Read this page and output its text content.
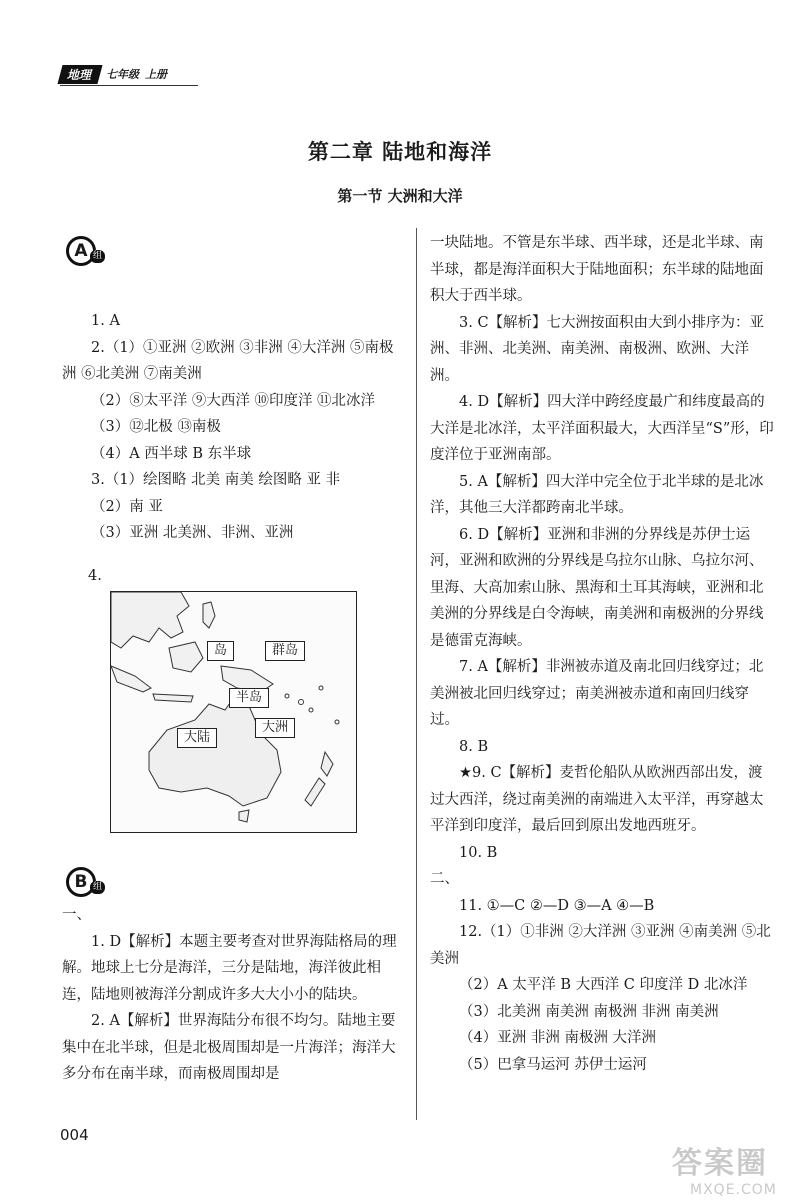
地理	七年级 上册
第二章 陆地和海洋
第一节 大洲和大洋
A 组

1. A

2.（1）①亚洲 ②欧洲 ③非洲 ④大洋洲 ⑤南极洲 ⑥北美洲 ⑦南美洲

（2）⑧太平洋 ⑨大西洋 ⑩印度洋 ⑪北冰洋

（3）⑫北极 ⑬南极

（4）A 西半球 B 东半球

3.（1）绘图略 北美 南美 绘图略 亚 非

（2）南 亚

（3）亚洲 北美洲、非洲、亚洲

4.
岛	群岛
半岛
大陆
大洲
B 组

一、

1. D【解析】本题主要考查对世界海陆格局的理解。地球上七分是海洋，三分是陆地，海洋彼此相连，陆地则被海洋分割成许多大大小小的陆块。

2. A【解析】世界海陆分布很不均匀。陆地主要集中在北半球，但是北极周围却是一片海洋；海洋大多分布在南半球，而南极周围却是

一块陆地。不管是东半球、西半球，还是北半球、南半球，都是海洋面积大于陆地面积；东半球的陆地面积大于西半球。

3. C【解析】七大洲按面积由大到小排序为：亚洲、非洲、北美洲、南美洲、南极洲、欧洲、大洋洲。

4. D【解析】四大洋中跨经度最广和纬度最高的大洋是北冰洋，太平洋面积最大，大西洋呈“S”形，印度洋位于亚洲南部。

5. A【解析】四大洋中完全位于北半球的是北冰洋，其他三大洋都跨南北半球。

6. D【解析】亚洲和非洲的分界线是苏伊士运河，亚洲和欧洲的分界线是乌拉尔山脉、乌拉尔河、里海、大高加索山脉、黑海和土耳其海峡，亚洲和北美洲的分界线是白令海峡，南美洲和南极洲的分界线是德雷克海峡。

7. A【解析】非洲被赤道及南北回归线穿过；北美洲被北回归线穿过；南美洲被赤道和南回归线穿过。

8. B

★9. C【解析】麦哲伦船队从欧洲西部出发，渡过大西洋，绕过南美洲的南端进入太平洋，再穿越太平洋到印度洋，最后回到原出发地西班牙。

10. B

二、

11. ①—C ②—D ③—A ④—B

12.（1）①非洲 ②大洋洲 ③亚洲 ④南美洲 ⑤北美洲

（2）A 太平洋 B 大西洋 C 印度洋 D 北冰洋

（3）北美洲 南美洲 南极洲 非洲 南美洲

（4）亚洲 非洲 南极洲 大洋洲

（5）巴拿马运河 苏伊士运河

004
答案圈
MXQE.COM
